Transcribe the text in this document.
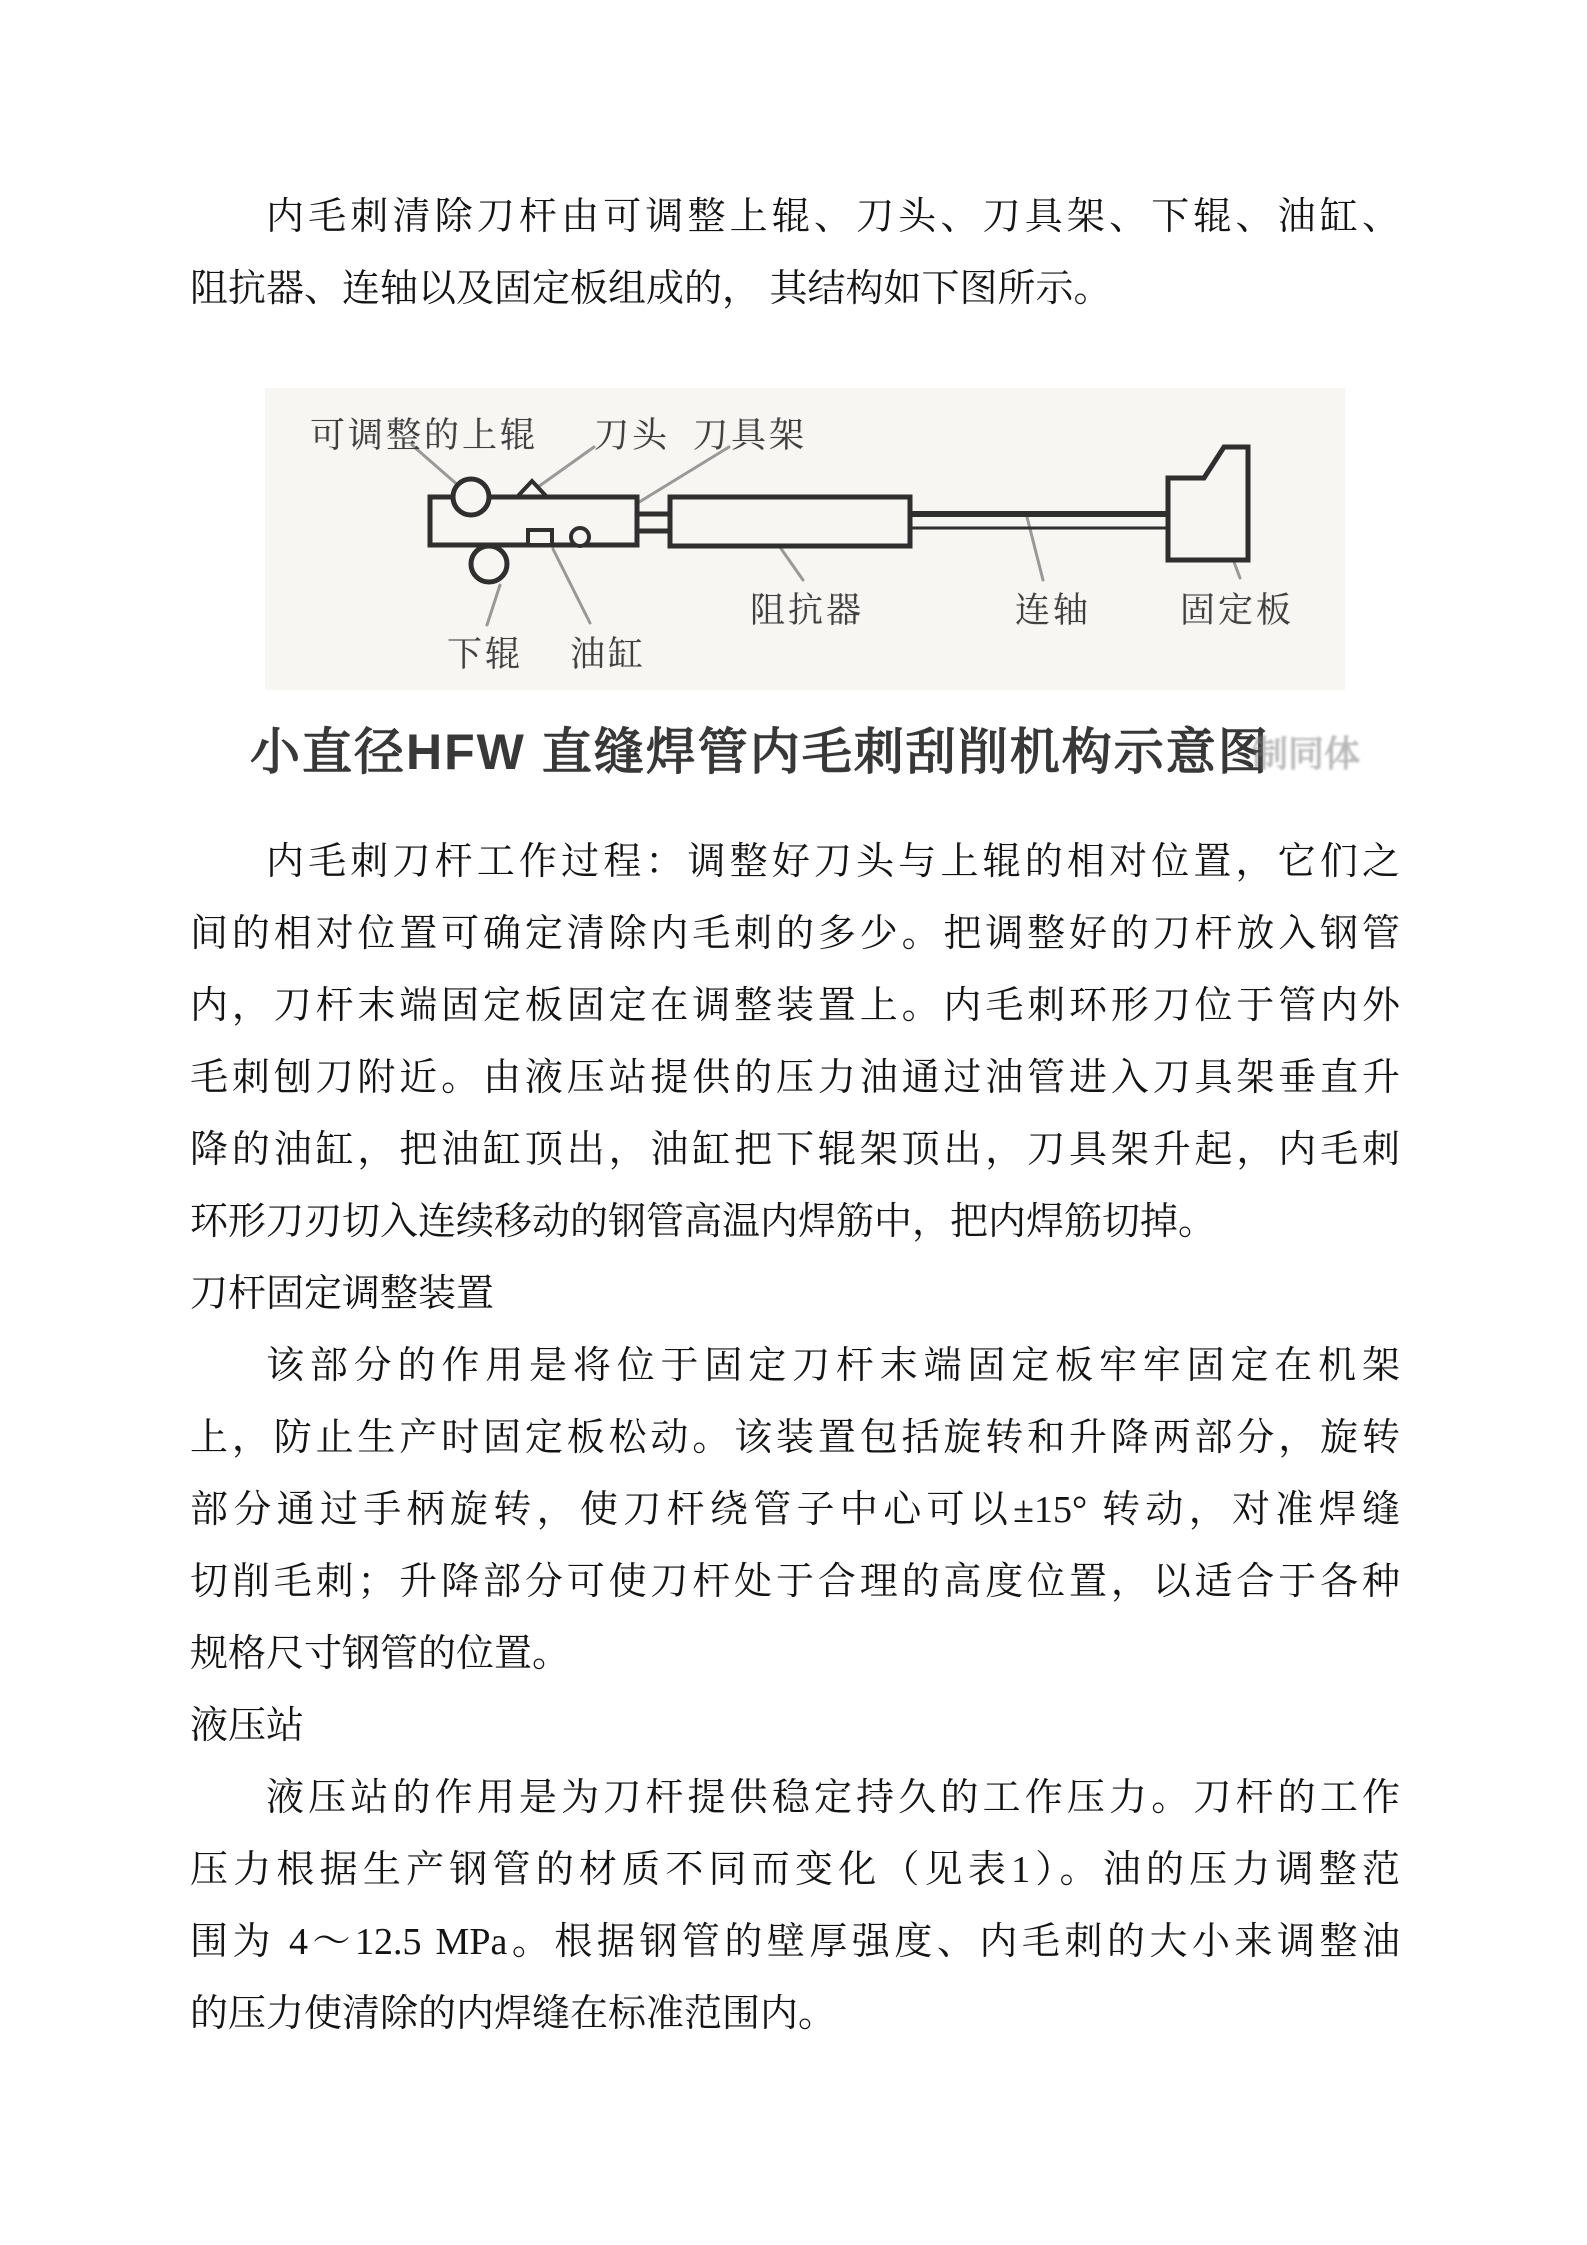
内毛刺清除刀杆由可调整上辊、刀头、刀具架、下辊、油缸、
阻抗器、连轴以及固定板组成的， 其结构如下图所示。
可调整的上辊 刀头 刀具架
下辊 油缸
阻抗器	连轴	固定板
小直径HFW 直缝焊管内毛刺刮削机构示意图
制同体
内毛刺刀杆工作过程：调整好刀头与上辊的相对位置，它们之
间的相对位置可确定清除内毛刺的多少。把调整好的刀杆放入钢管
内，刀杆末端固定板固定在调整装置上。内毛刺环形刀位于管内外
毛刺刨刀附近。由液压站提供的压力油通过油管进入刀具架垂直升
降的油缸，把油缸顶出，油缸把下辊架顶出，刀具架升起，内毛刺
环形刀刃切入连续移动的钢管高温内焊筋中，把内焊筋切掉。
刀杆固定调整装置
该部分的作用是将位于固定刀杆末端固定板牢牢固定在机架
上，防止生产时固定板松动。该装置包括旋转和升降两部分，旋转
部分通过手柄旋转，使刀杆绕管子中心可以±15° 转动，对准焊缝
切削毛刺；升降部分可使刀杆处于合理的高度位置，以适合于各种
规格尺寸钢管的位置。
液压站
液压站的作用是为刀杆提供稳定持久的工作压力。刀杆的工作
压力根据生产钢管的材质不同而变化（见表1）。油的压力调整范
围为 4～12.5 MPa。根据钢管的壁厚强度、内毛刺的大小来调整油
的压力使清除的内焊缝在标准范围内。
